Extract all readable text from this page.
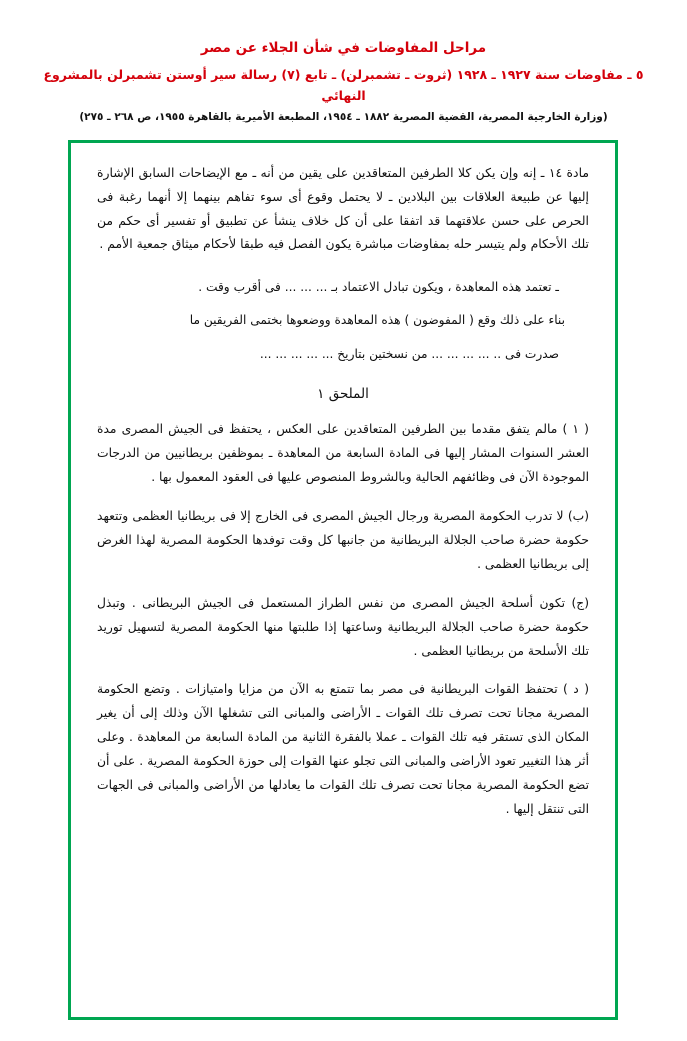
مراحل المفاوضات في شأن الجلاء عن مصر
٥ ـ مفاوضات سنة ١٩٢٧ ـ ١٩٢٨ (ثروت ـ تشمبرلن) ـ تابع (٧) رسالة سير أوستن تشمبرلن بالمشروع النهائي
(وزارة الخارجية المصرية، القضية المصرية ١٨٨٢ ـ ١٩٥٤، المطبعة الأميرية بالقاهرة ١٩٥٥، ص ٢٦٨ ـ ٢٧٥)

مادة ١٤ ـ إنه وإن يكن كلا الطرفين المتعاقدين على يقين من أنه ـ مع الإيضاحات السابق الإشارة إليها عن طبيعة العلاقات بين البلادين ـ لا يحتمل وقوع أى سوء تفاهم بينهما إلا أنهما رغبة فى الحرص على حسن علاقتهما قد اتفقا على أن كل خلاف ينشأ عن تطبيق أو تفسير أى حكم من تلك الأحكام ولم يتيسر حله بمفاوضات مباشرة يكون الفصل فيه طبقا لأحكام ميثاق جمعية الأمم .

ـ تعتمد هذه المعاهدة ، ويكون تبادل الاعتماد بـ ... ... ... فى أقرب وقت .

بناء على ذلك وقع ( المفوضون ) هذه المعاهدة ووضعوها بختمى الفريقين ما

صدرت فى .. ... ... ... ... من نسختين بتاريخ ... ... ... ... ...

الملحق ١

( ١ ) مالم يتفق مقدما بين الطرفين المتعاقدين على العكس ، يحتفظ فى الجيش المصرى مدة العشر السنوات المشار إليها فى المادة السابعة من المعاهدة ـ بموظفين بريطانيين من الدرجات الموجودة الآن فى وظائفهم الحالية وبالشروط المنصوص عليها فى العقود المعمول بها .

(ب) لا تدرب الحكومة المصرية ورجال الجيش المصرى فى الخارج إلا فى بريطانيا العظمى وتتعهد حكومة حضرة صاحب الجلالة البريطانية من جانبها كل وقت توفدها الحكومة المصرية لهذا الغرض إلى بريطانيا العظمى .

(ج) تكون أسلحة الجيش المصرى من نفس الطراز المستعمل فى الجيش البريطانى . وتبذل حكومة حضرة صاحب الجلالة البريطانية وساعتها إذا طلبتها منها الحكومة المصرية لتسهيل توريد تلك الأسلحة من بريطانيا العظمى .

( د ) تحتفظ القوات البريطانية فى مصر بما تتمتع به الآن من مزايا وامتيازات . وتضع الحكومة المصرية مجانا تحت تصرف تلك القوات ـ الأراضى والمبانى التى تشغلها الآن وذلك إلى أن يغير المكان الذى تستقر فيه تلك القوات ـ عملا بالفقرة الثانية من المادة السابعة من المعاهدة . وعلى أثر هذا التغيير تعود الأراضى والمبانى التى تجلو عنها القوات إلى حوزة الحكومة المصرية . على أن تضع الحكومة المصرية مجانا تحت تصرف تلك القوات ما يعادلها من الأراضى والمبانى فى الجهات التى تنتقل إليها .
